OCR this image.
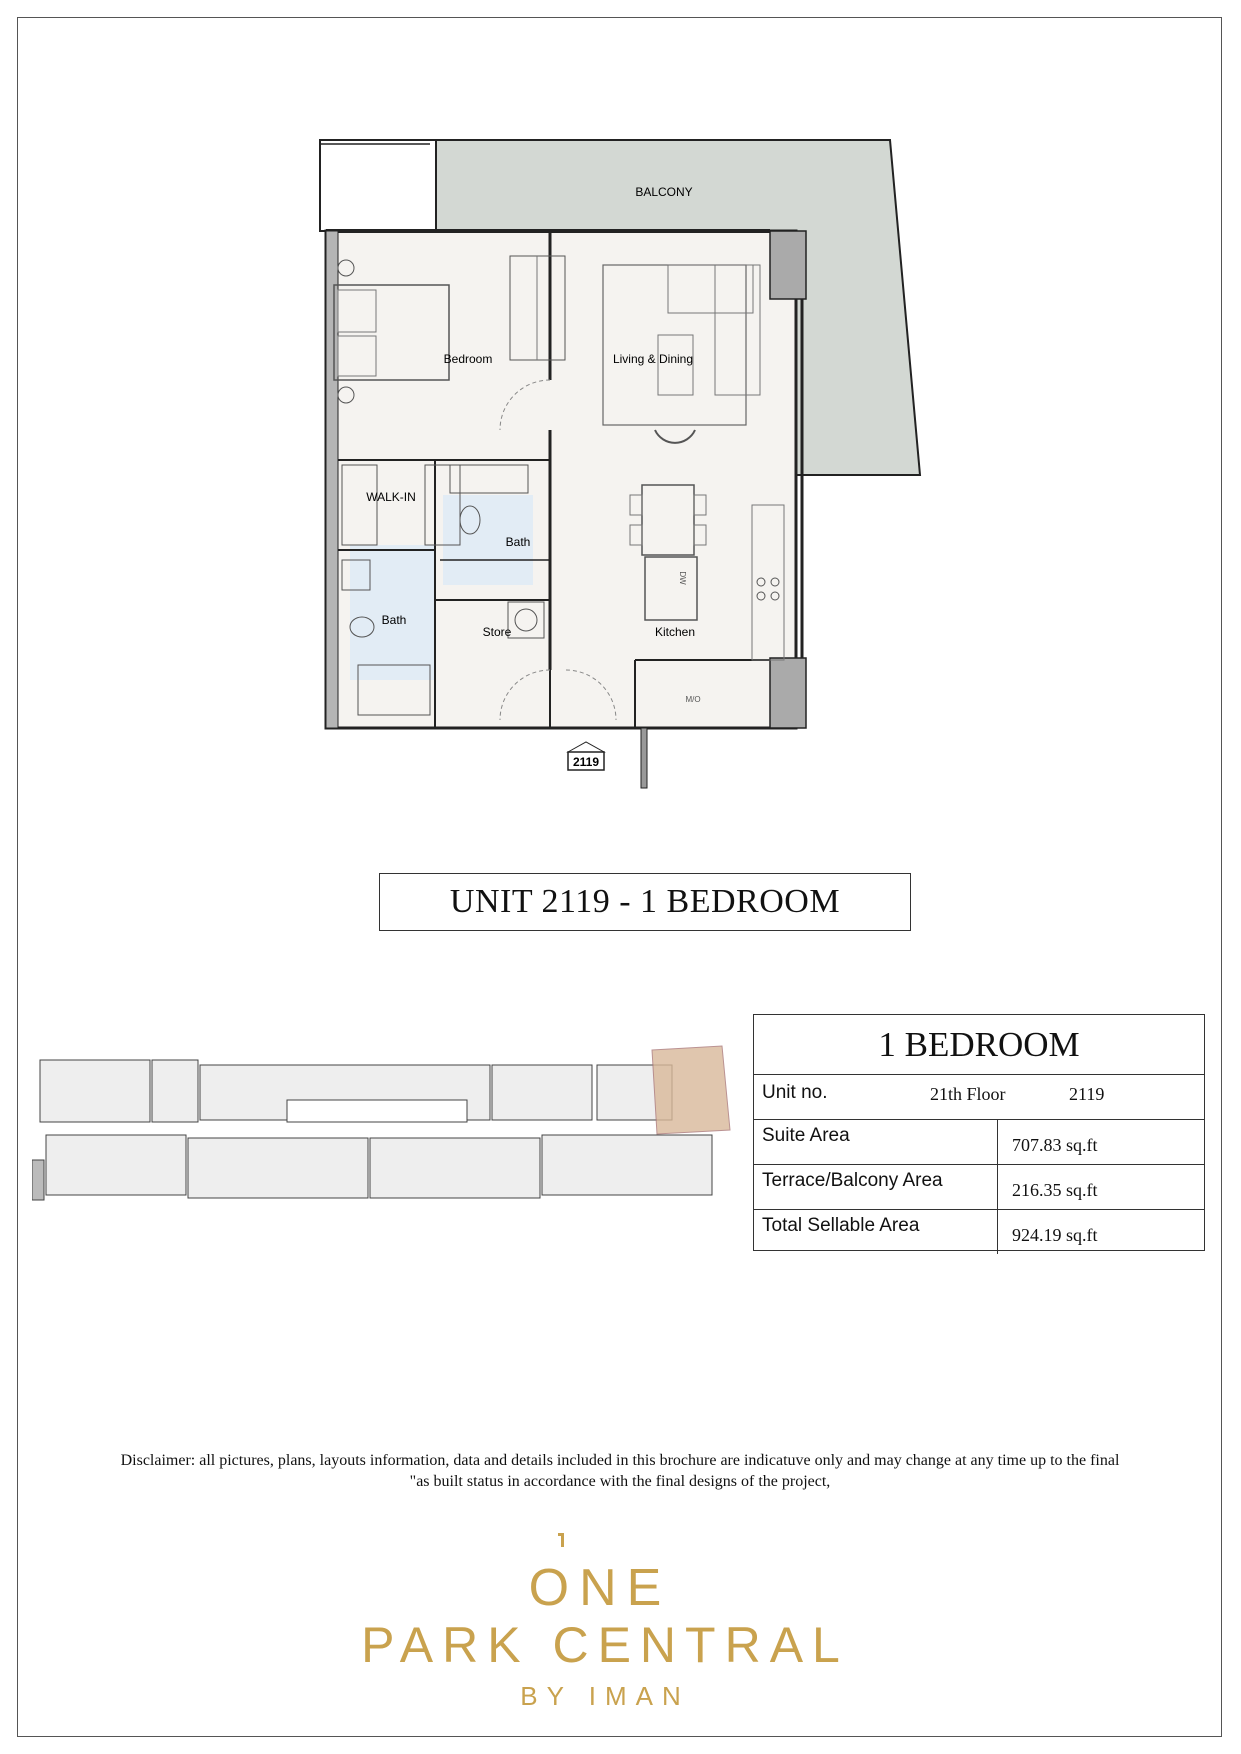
2119
BALCONY
Bedroom	Living & Dining
WALK-IN
Bath
Bath
Store	Kitchen
DW
M/O
UNIT 2119 - 1 BEDROOM
1 BEDROOM
Unit no.	21th Floor	2119
Suite Area	707.83 sq.ft
Terrace/Balcony Area	216.35 sq.ft
Total Sellable Area	924.19 sq.ft
Disclaimer: all pictures, plans, layouts information, data and details included in this brochure are indicatuve only and may change at any time up to the final
"as built status in accordance with the final designs of the project,
ONE
PARK CENTRAL
BY IMAN
